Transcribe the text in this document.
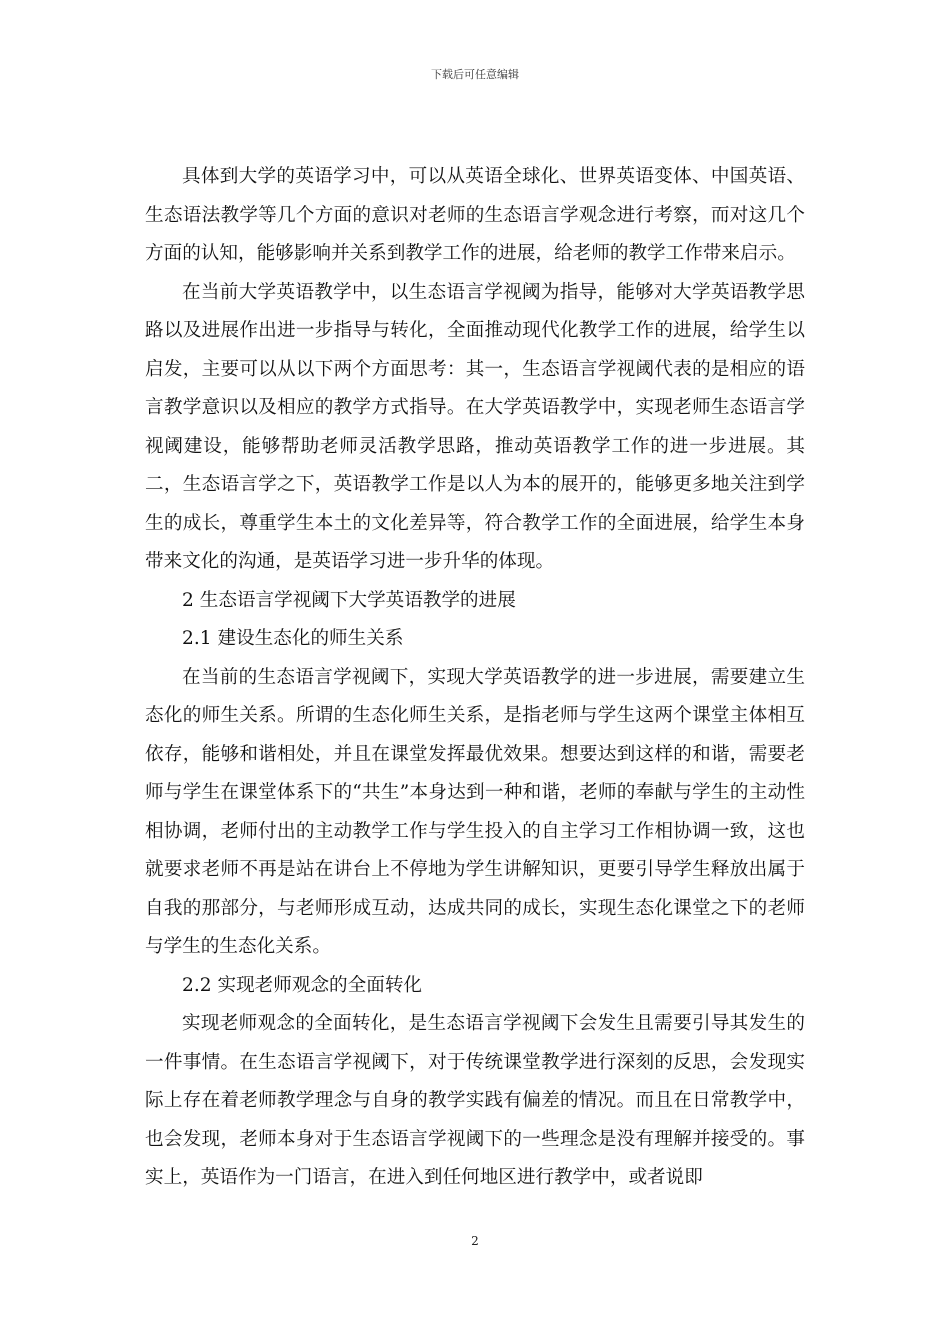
下载后可任意编辑

具体到大学的英语学习中，可以从英语全球化、世界英语变体、中国英语、生态语法教学等几个方面的意识对老师的生态语言学观念进行考察，而对这几个方面的认知，能够影响并关系到教学工作的进展，给老师的教学工作带来启示。

在当前大学英语教学中，以生态语言学视阈为指导，能够对大学英语教学思路以及进展作出进一步指导与转化，全面推动现代化教学工作的进展，给学生以启发，主要可以从以下两个方面思考：其一，生态语言学视阈代表的是相应的语言教学意识以及相应的教学方式指导。在大学英语教学中，实现老师生态语言学视阈建设，能够帮助老师灵活教学思路，推动英语教学工作的进一步进展。其二，生态语言学之下，英语教学工作是以人为本的展开的，能够更多地关注到学生的成长，尊重学生本土的文化差异等，符合教学工作的全面进展，给学生本身带来文化的沟通，是英语学习进一步升华的体现。

2 生态语言学视阈下大学英语教学的进展

2.1 建设生态化的师生关系

在当前的生态语言学视阈下，实现大学英语教学的进一步进展，需要建立生态化的师生关系。所谓的生态化师生关系，是指老师与学生这两个课堂主体相互依存，能够和谐相处，并且在课堂发挥最优效果。想要达到这样的和谐，需要老师与学生在课堂体系下的“共生”本身达到一种和谐，老师的奉献与学生的主动性相协调，老师付出的主动教学工作与学生投入的自主学习工作相协调一致，这也就要求老师不再是站在讲台上不停地为学生讲解知识，更要引导学生释放出属于自我的那部分，与老师形成互动，达成共同的成长，实现生态化课堂之下的老师与学生的生态化关系。

2.2 实现老师观念的全面转化

实现老师观念的全面转化，是生态语言学视阈下会发生且需要引导其发生的一件事情。在生态语言学视阈下，对于传统课堂教学进行深刻的反思，会发现实际上存在着老师教学理念与自身的教学实践有偏差的情况。而且在日常教学中，也会发现，老师本身对于生态语言学视阈下的一些理念是没有理解并接受的。事实上，英语作为一门语言，在进入到任何地区进行教学中，或者说即

2
